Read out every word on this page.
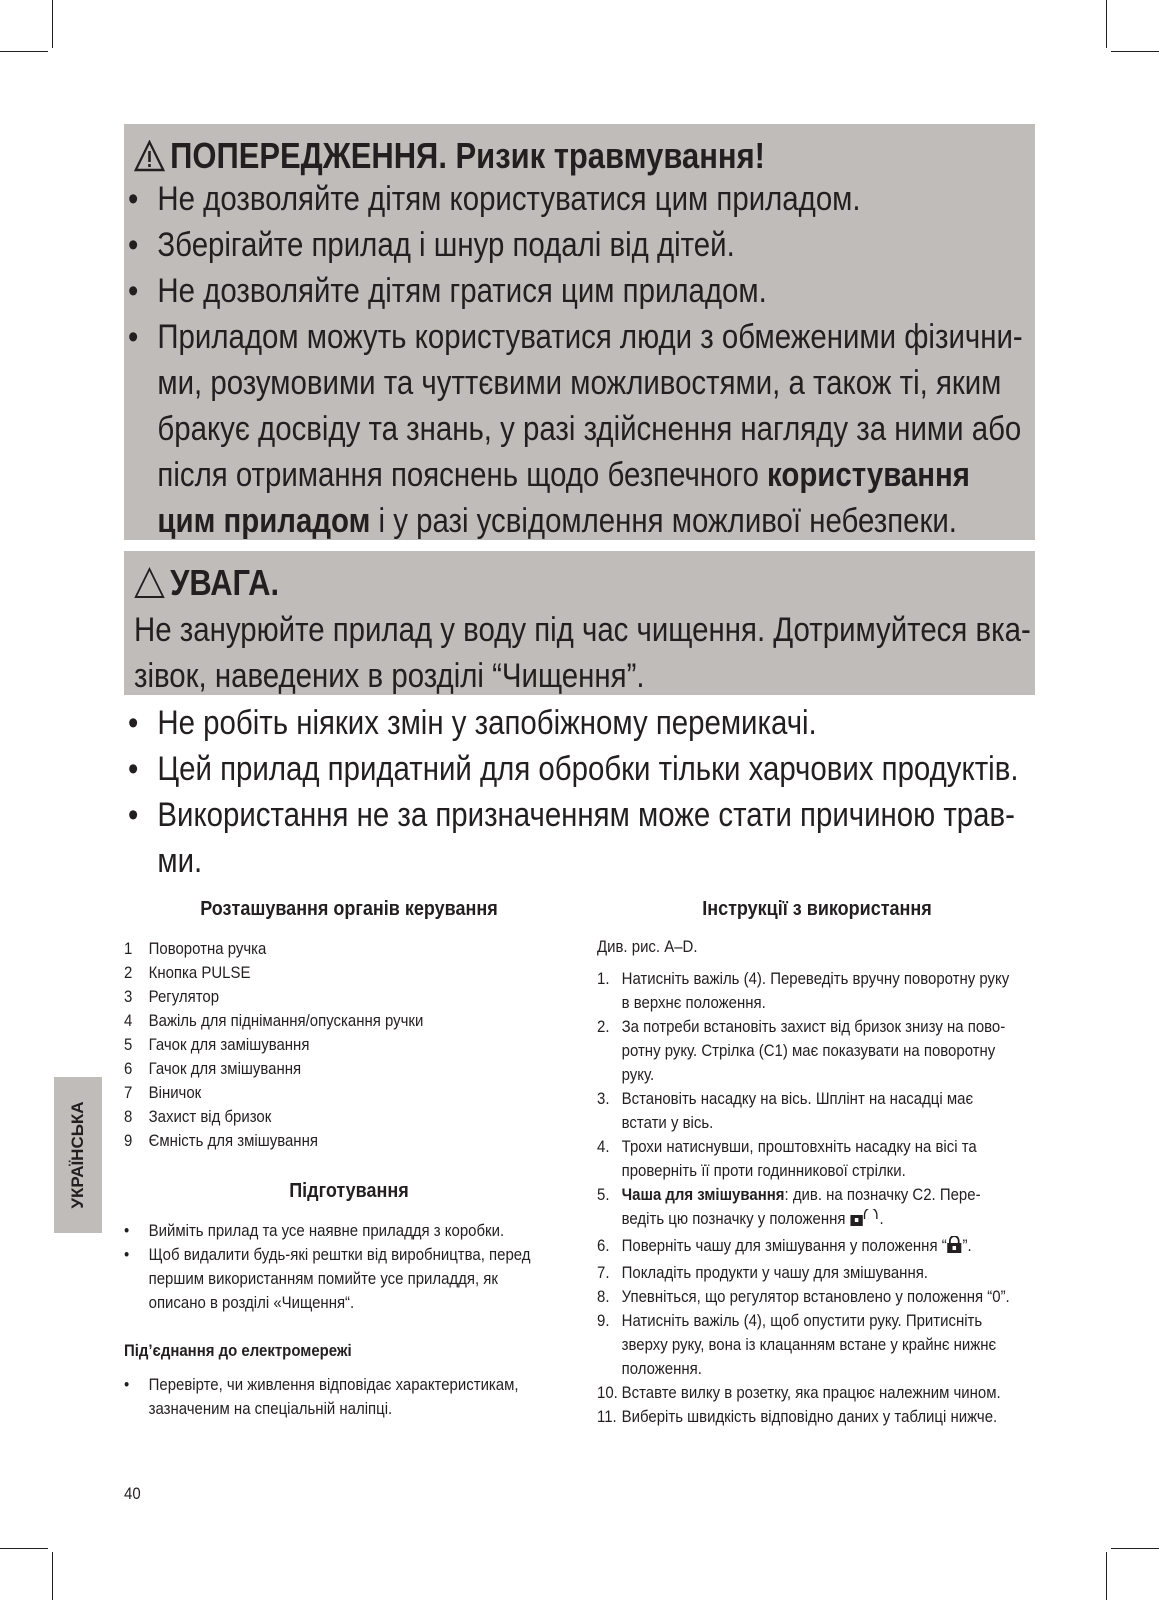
ПОПЕРЕДЖЕННЯ. Ризик травмування!
• Не дозволяйте дітям користуватися цим приладом.
• Зберігайте прилад і шнур подалі від дітей.
• Не дозволяйте дітям гратися цим приладом.
• Приладом можуть користуватися люди з обмеженими фізични-
ми, розумовими та чуттєвими можливостями, а також ті, яким
бракує досвіду та знань, у разі здійснення нагляду за ними або
після отримання пояснень щодо безпечного користування
цим приладом і у разі усвідомлення можливої небезпеки.
УВАГА.
Не занурюйте прилад у воду під час чищення. Дотримуйтеся вка-
зівок, наведених в розділі “Чищення”.
• Не робіть ніяких змін у запобіжному перемикачі.
• Цей прилад придатний для обробки тільки харчових продуктів.
• Використання не за призначенням може стати причиною трав-
ми.
Розташування органів керування
1 Поворотна ручка
2 Кнопка PULSE
3 Регулятор
4 Важіль для піднімання/опускання ручки
5 Гачок для замішування
6 Гачок для змішування
7 Віничок
8 Захист від бризок
9 Ємність для змішування
Підготування
• Вийміть прилад та усе наявне приладдя з коробки.
• Щоб видалити будь-які рештки від виробництва, перед першим використанням помийте усе приладдя, як описано в розділі «Чищення“.
Під’єднання до електромережі
• Перевірте, чи живлення відповідає характеристикам, зазначеним на спеціальній наліпці.
Інструкції з використання
Див. рис. A–D.
1. Натисніть важіль (4). Переведіть вручну поворотну руку
в верхнє положення.
2. За потреби встановіть захист від бризок знизу на пово-
ротну руку. Стрілка (C1) має показувати на поворотну
руку.
3. Встановіть насадку на вісь. Шплінт на насадці має
встати у вісь.
4. Трохи натиснувши, проштовхніть насадку на вісі та
проверніть її проти годинникової стрілки.
5. Чаша для змішування: див. на позначку C2. Пере-
ведіть цю позначку у положення .
6. Поверніть чашу для змішування у положення “ ”.
7. Покладіть продукти у чашу для змішування.
8. Упевніться, що регулятор встановлено у положення “0”.
9. Натисніть важіль (4), щоб опустити руку. Притисніть
зверху руку, вона із клацанням встане у крайнє нижнє
положення.
10. Вставте вилку в розетку, яка працює належним чином.
11. Виберіть швидкість відповідно даних у таблиці нижче.
УКРАЇНСЬКА
40
